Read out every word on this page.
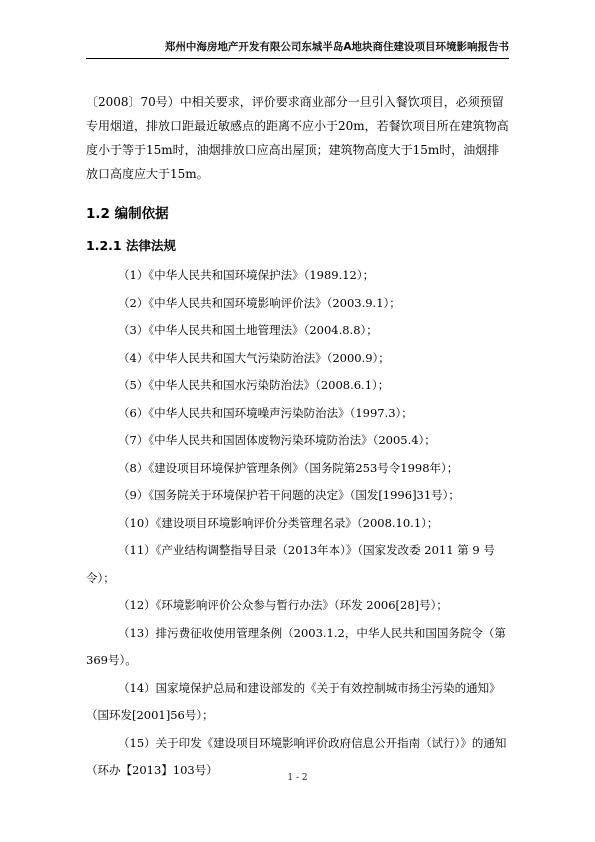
郑州中海房地产开发有限公司东城半岛A地块商住建设项目环境影响报告书

〔2008〕70号）中相关要求，评价要求商业部分一旦引入餐饮项目，必须预留专用烟道，排放口距最近敏感点的距离不应小于20m，若餐饮项目所在建筑物高度小于等于15m时，油烟排放口应高出屋顶；建筑物高度大于15m时，油烟排放口高度应大于15m。

1.2 编制依据
1.2.1 法律法规
（1）《中华人民共和国环境保护法》（1989.12）；
（2）《中华人民共和国环境影响评价法》（2003.9.1）；
（3）《中华人民共和国土地管理法》（2004.8.8）；
（4）《中华人民共和国大气污染防治法》（2000.9）；
（5）《中华人民共和国水污染防治法》（2008.6.1）；
（6）《中华人民共和国环境噪声污染防治法》（1997.3）；
（7）《中华人民共和国固体废物污染环境防治法》（2005.4）；
（8）《建设项目环境保护管理条例》（国务院第253号令1998年）；
（9）《国务院关于环境保护若干问题的决定》（国发[1996]31号）；
（10）《建设项目环境影响评价分类管理名录》（2008.10.1）；
（11）《产业结构调整指导目录（2013年本）》（国家发改委 2011 第 9 号令）；
（12）《环境影响评价公众参与暂行办法》（环发 2006[28]号）；
（13）排污费征收使用管理条例（2003.1.2，中华人民共和国国务院令（第369号）。
（14）国家境保护总局和建设部发的《关于有效控制城市扬尘污染的通知》（国环发[2001]56号）；
（15）关于印发《建设项目环境影响评价政府信息公开指南（试行）》的通知（环办【2013】103号）
1 - 2
